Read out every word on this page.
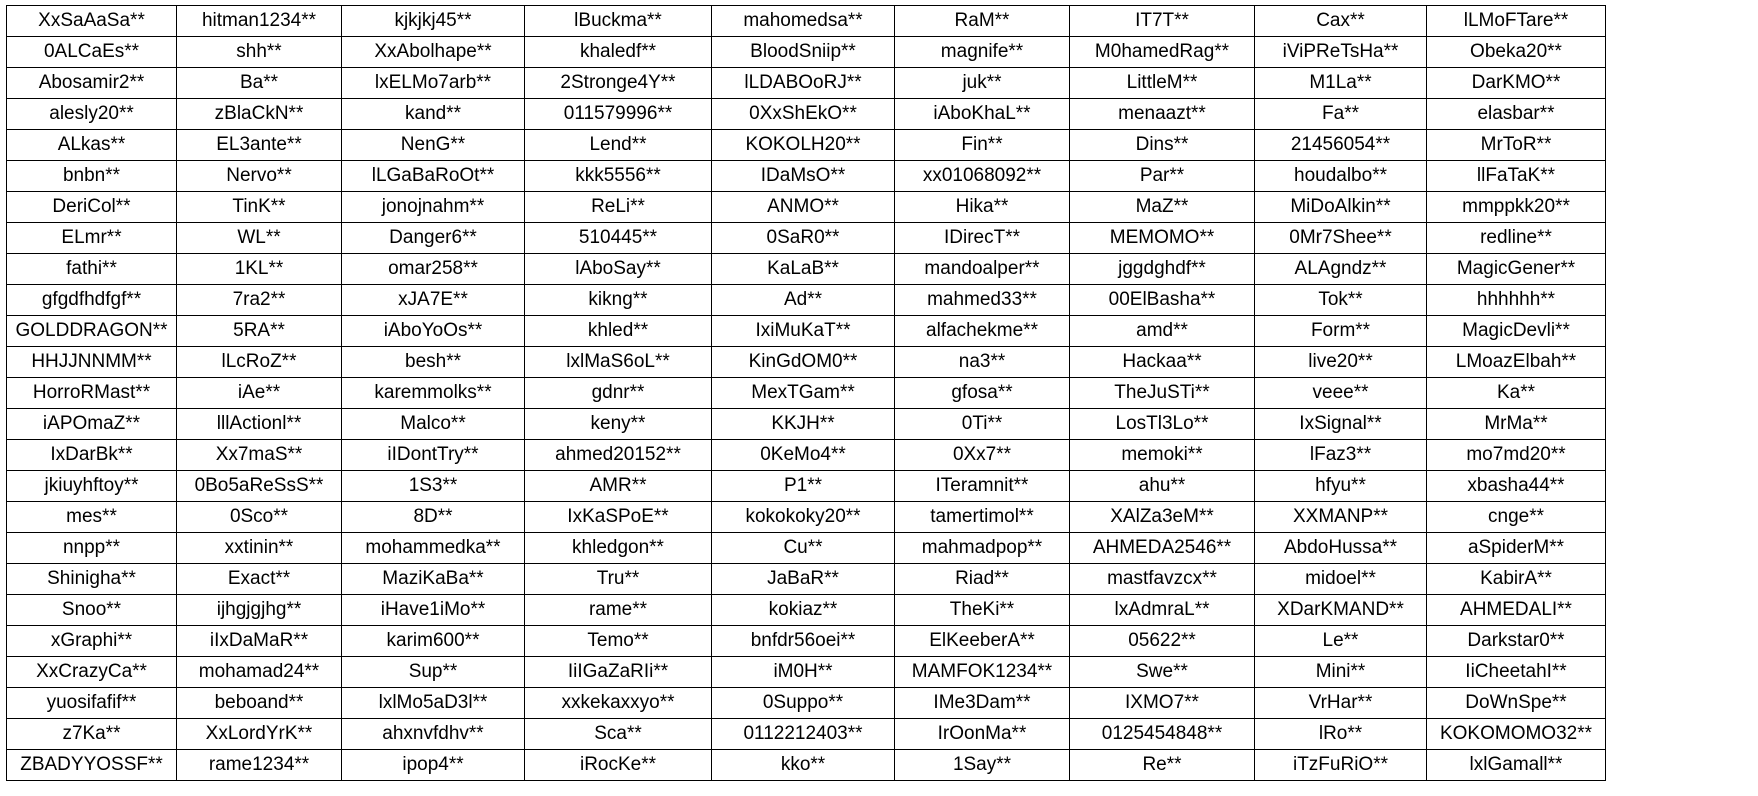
XxSaAaSa**	hitman1234**	kjkjkj45**	lBuckma**	mahomedsa**	RaM**	IT7T**	Cax**	lLMoFTare**
0ALCaEs**	shh**	XxAbolhape**	khaledf**	BloodSniip**	magnife**	M0hamedRag**	iViPReTsHa**	Obeka20**
Abosamir2**	Ba**	lxELMo7arb**	2Stronge4Y**	lLDABOoRJ**	juk**	LittleM**	M1La**	DarKMO**
alesly20**	zBlaCkN**	kand**	011579996**	0XxShEkO**	iAboKhaL**	menaazt**	Fa**	elasbar**
ALkas**	EL3ante**	NenG**	Lend**	KOKOLH20**	Fin**	Dins**	21456054**	MrToR**
bnbn**	Nervo**	lLGaBaRoOt**	kkk5556**	IDaMsO**	xx01068092**	Par**	houdalbo**	llFaTaK**
DeriCol**	TinK**	jonojnahm**	ReLi**	ANMO**	Hika**	MaZ**	MiDoAlkin**	mmppkk20**
ELmr**	WL**	Danger6**	510445**	0SaR0**	IDirecT**	MEMOMO**	0Mr7Shee**	redline**
fathi**	1KL**	omar258**	lAboSay**	KaLaB**	mandoalper**	jggdghdf**	ALAgndz**	MagicGener**
gfgdfhdfgf**	7ra2**	xJA7E**	kikng**	Ad**	mahmed33**	00ElBasha**	Tok**	hhhhhh**
GOLDDRAGON**	5RA**	iAboYoOs**	khled**	IxiMuKaT**	alfachekme**	amd**	Form**	MagicDevli**
HHJJNNMM**	lLcRoZ**	besh**	lxlMaS6oL**	KinGdOM0**	na3**	Hackaa**	live20**	LMoazElbah**
HorroRMast**	iAe**	karemmolks**	gdnr**	MexTGam**	gfosa**	TheJuSTi**	veee**	Ka**
iAPOmaZ**	lllActionl**	Malco**	keny**	KKJH**	0Ti**	LosTl3Lo**	IxSignal**	MrMa**
IxDarBk**	Xx7maS**	iIDontTry**	ahmed20152**	0KeMo4**	0Xx7**	memoki**	lFaz3**	mo7md20**
jkiuyhftoy**	0Bo5aReSsS**	1S3**	AMR**	P1**	ITeramnit**	ahu**	hfyu**	xbasha44**
mes**	0Sco**	8D**	IxKaSPoE**	kokokoky20**	tamertimol**	XAlZa3eM**	XXMANP**	cnge**
nnpp**	xxtinin**	mohammedka**	khledgon**	Cu**	mahmadpop**	AHMEDA2546**	AbdoHussa**	aSpiderM**
Shinigha**	Exact**	MaziKaBa**	Tru**	JaBaR**	Riad**	mastfavzcx**	midoel**	KabirA**
Snoo**	ijhgjgjhg**	iHave1iMo**	rame**	kokiaz**	TheKi**	lxAdmraL**	XDarKMAND**	AHMEDALI**
xGraphi**	iIxDaMaR**	karim600**	Temo**	bnfdr56oei**	ElKeeberA**	05622**	Le**	Darkstar0**
XxCrazyCa**	mohamad24**	Sup**	IiIGaZaRIi**	iM0H**	MAMFOK1234**	Swe**	Mini**	IiCheetahI**
yuosifafif**	beboand**	lxlMo5aD3l**	xxkekaxxyo**	0Suppo**	IMe3Dam**	IXMO7**	VrHar**	DoWnSpe**
z7Ka**	XxLordYrK**	ahxnvfdhv**	Sca**	0112212403**	IrOonMa**	0125454848**	lRo**	KOKOMOMO32**
ZBADYYOSSF**	rame1234**	ipop4**	iRocKe**	kko**	1Say**	Re**	iTzFuRiO**	lxlGamall**
